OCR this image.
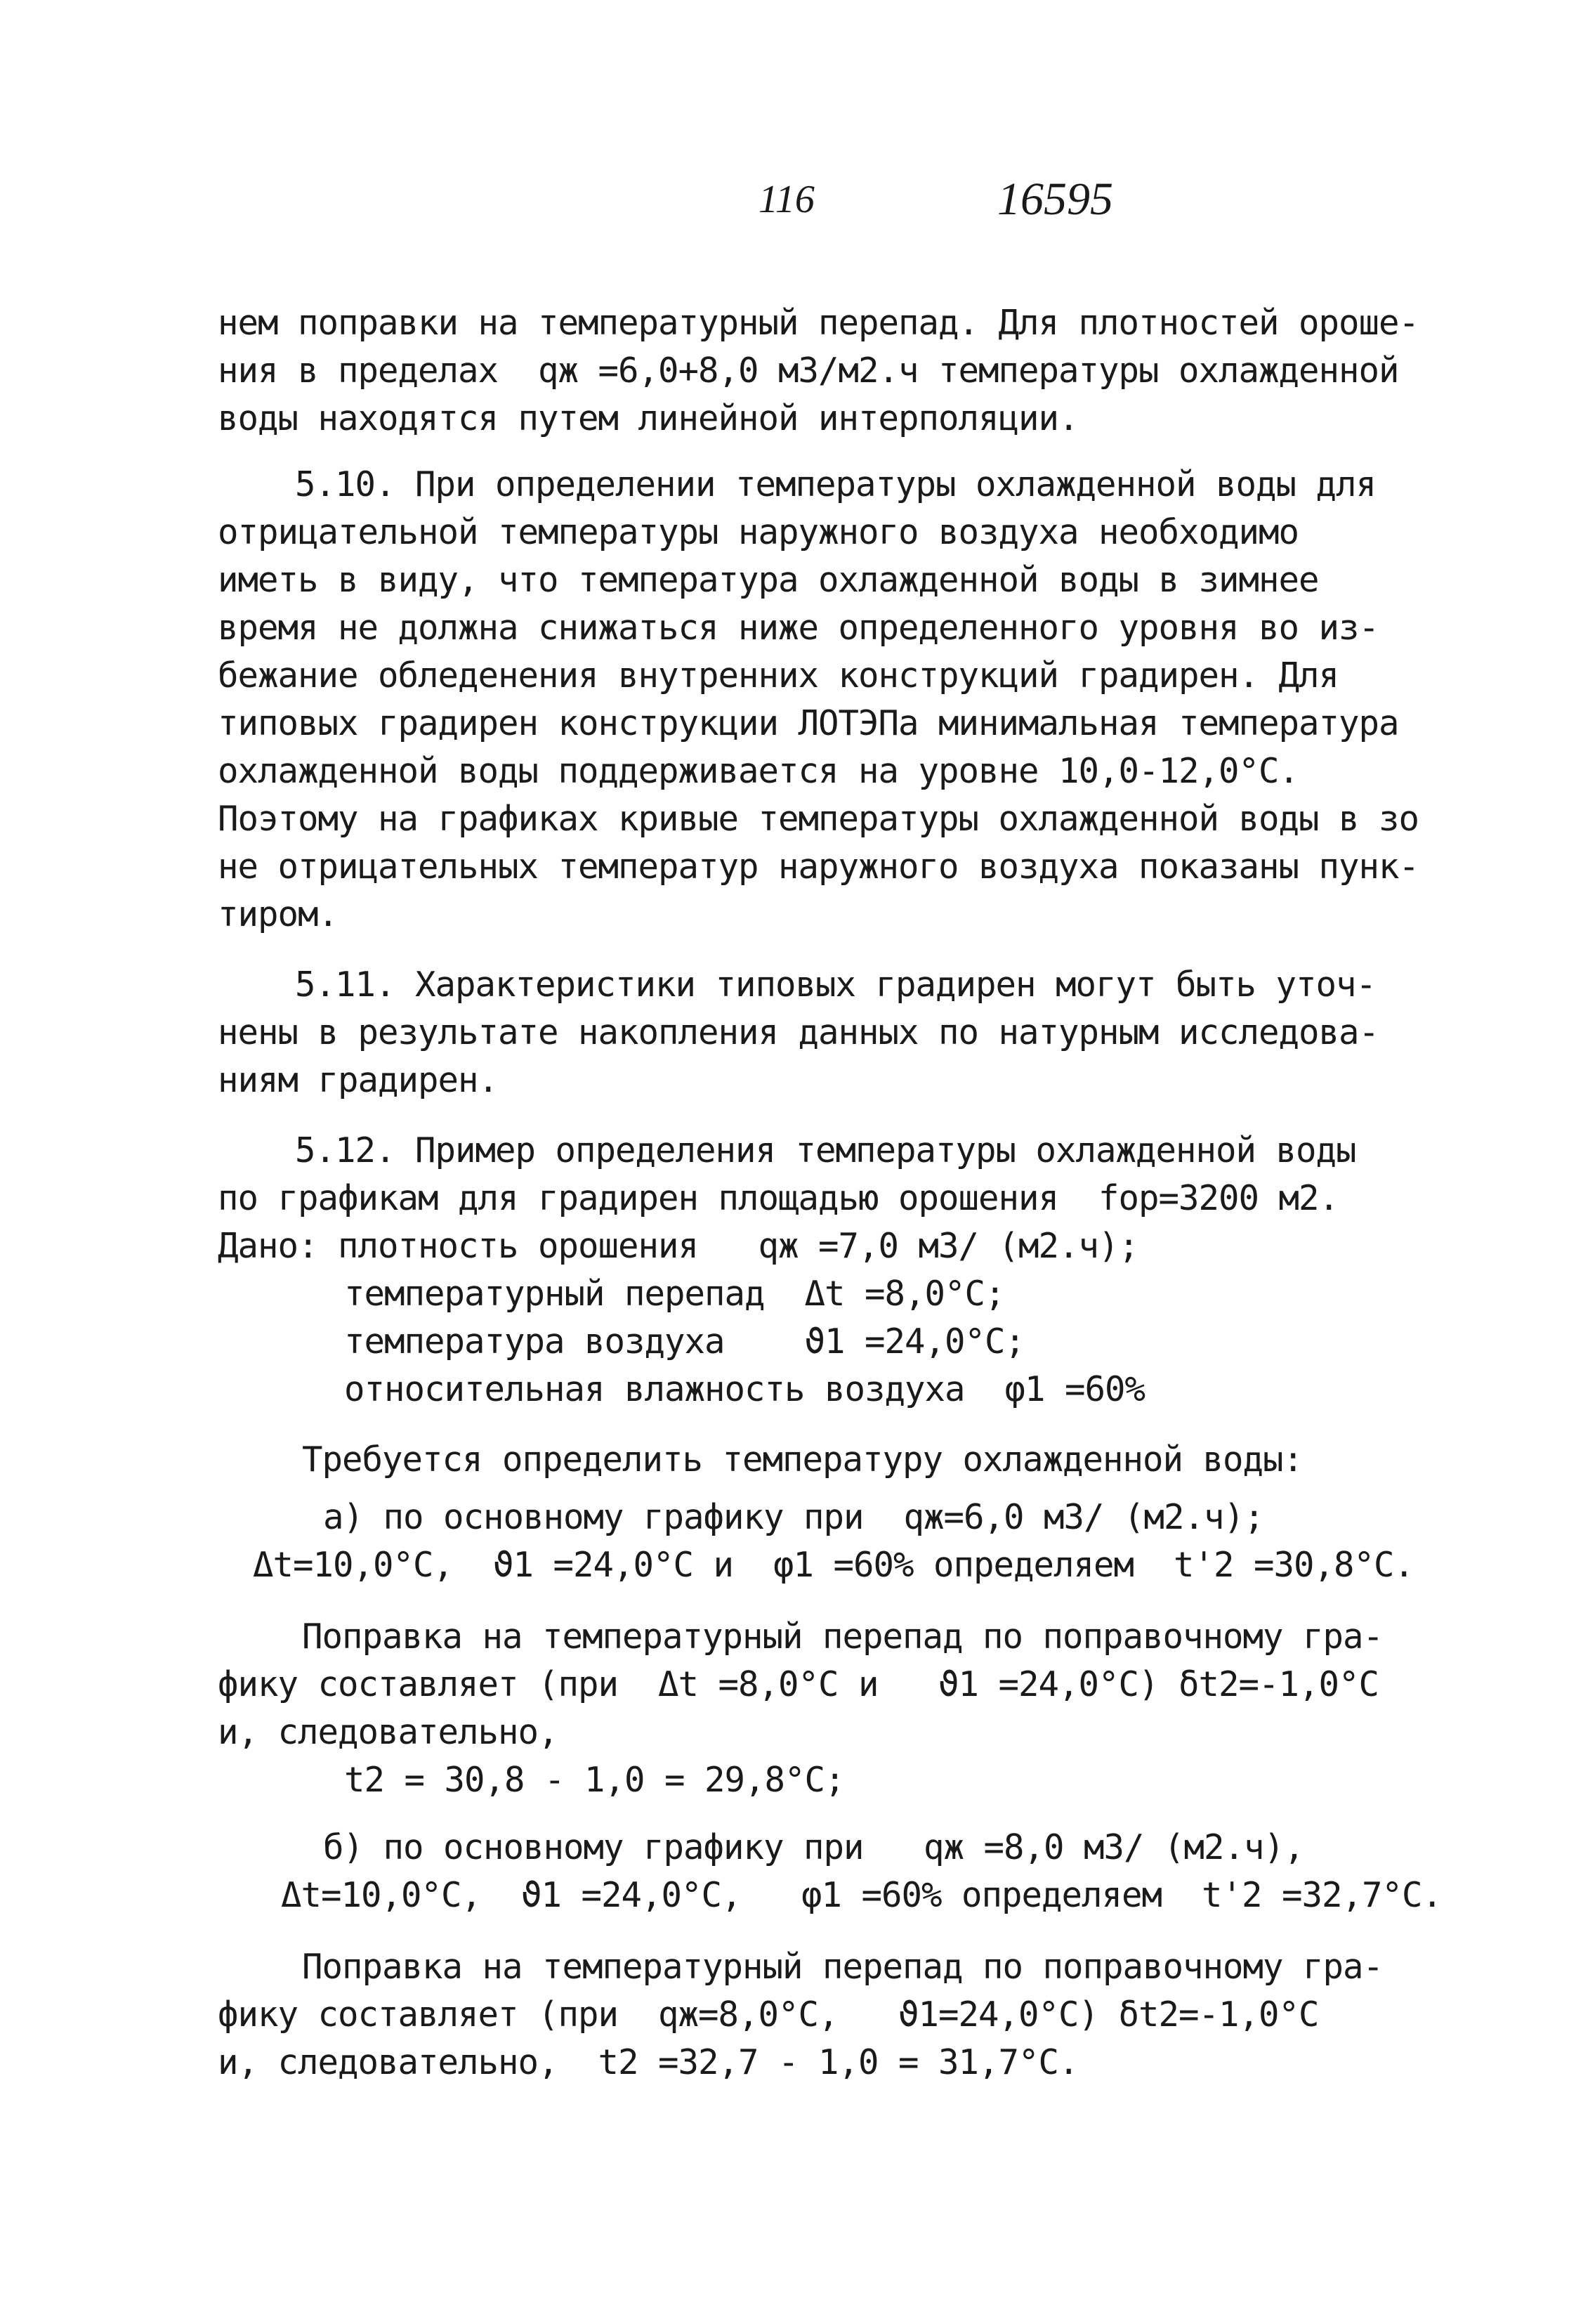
116	16595
нем поправки на температурный перепад. Для плотностей ороше-
ния в пределах  qж =6,0+8,0 м3/м2.ч температуры охлажденной
воды находятся путем линейной интерполяции.
5.10. При определении температуры охлажденной воды для
отрицательной температуры наружного воздуха необходимо
иметь в виду, что температура охлажденной воды в зимнее
время не должна снижаться ниже определенного уровня во из-
бежание обледенения внутренних конструкций градирен. Для
типовых градирен конструкции ЛОТЭПа минимальная температура
охлажденной воды поддерживается на уровне 10,0-12,0°С.
Поэтому на графиках кривые температуры охлажденной воды в зо
не отрицательных температур наружного воздуха показаны пунк-
тиром.
5.11. Характеристики типовых градирен могут быть уточ-
нены в результате накопления данных по натурным исследова-
ниям градирен.
5.12. Пример определения температуры охлажденной воды
по графикам для градирен площадью орошения  fор=3200 м2.
Дано: плотность орошения   qж =7,0 м3/ (м2.ч);
температурный перепад  Δt =8,0°С;
температура воздуха    ϑ1 =24,0°С;
относительная влажность воздуха  φ1 =60%
Требуется определить температуру охлажденной воды:
а) по основному графику при  qж=6,0 м3/ (м2.ч);
Δt=10,0°С,  ϑ1 =24,0°С и  φ1 =60% определяем  t'2 =30,8°С.
Поправка на температурный перепад по поправочному гра-
фику составляет (при  Δt =8,0°С и   ϑ1 =24,0°С) δt2=-1,0°С
и, следовательно,
t2 = 30,8 - 1,0 = 29,8°С;
б) по основному графику при   qж =8,0 м3/ (м2.ч),
Δt=10,0°С,  ϑ1 =24,0°С,   φ1 =60% определяем  t'2 =32,7°С.
Поправка на температурный перепад по поправочному гра-
фику составляет (при  qж=8,0°С,   ϑ1=24,0°С) δt2=-1,0°С
и, следовательно,  t2 =32,7 - 1,0 = 31,7°С.
